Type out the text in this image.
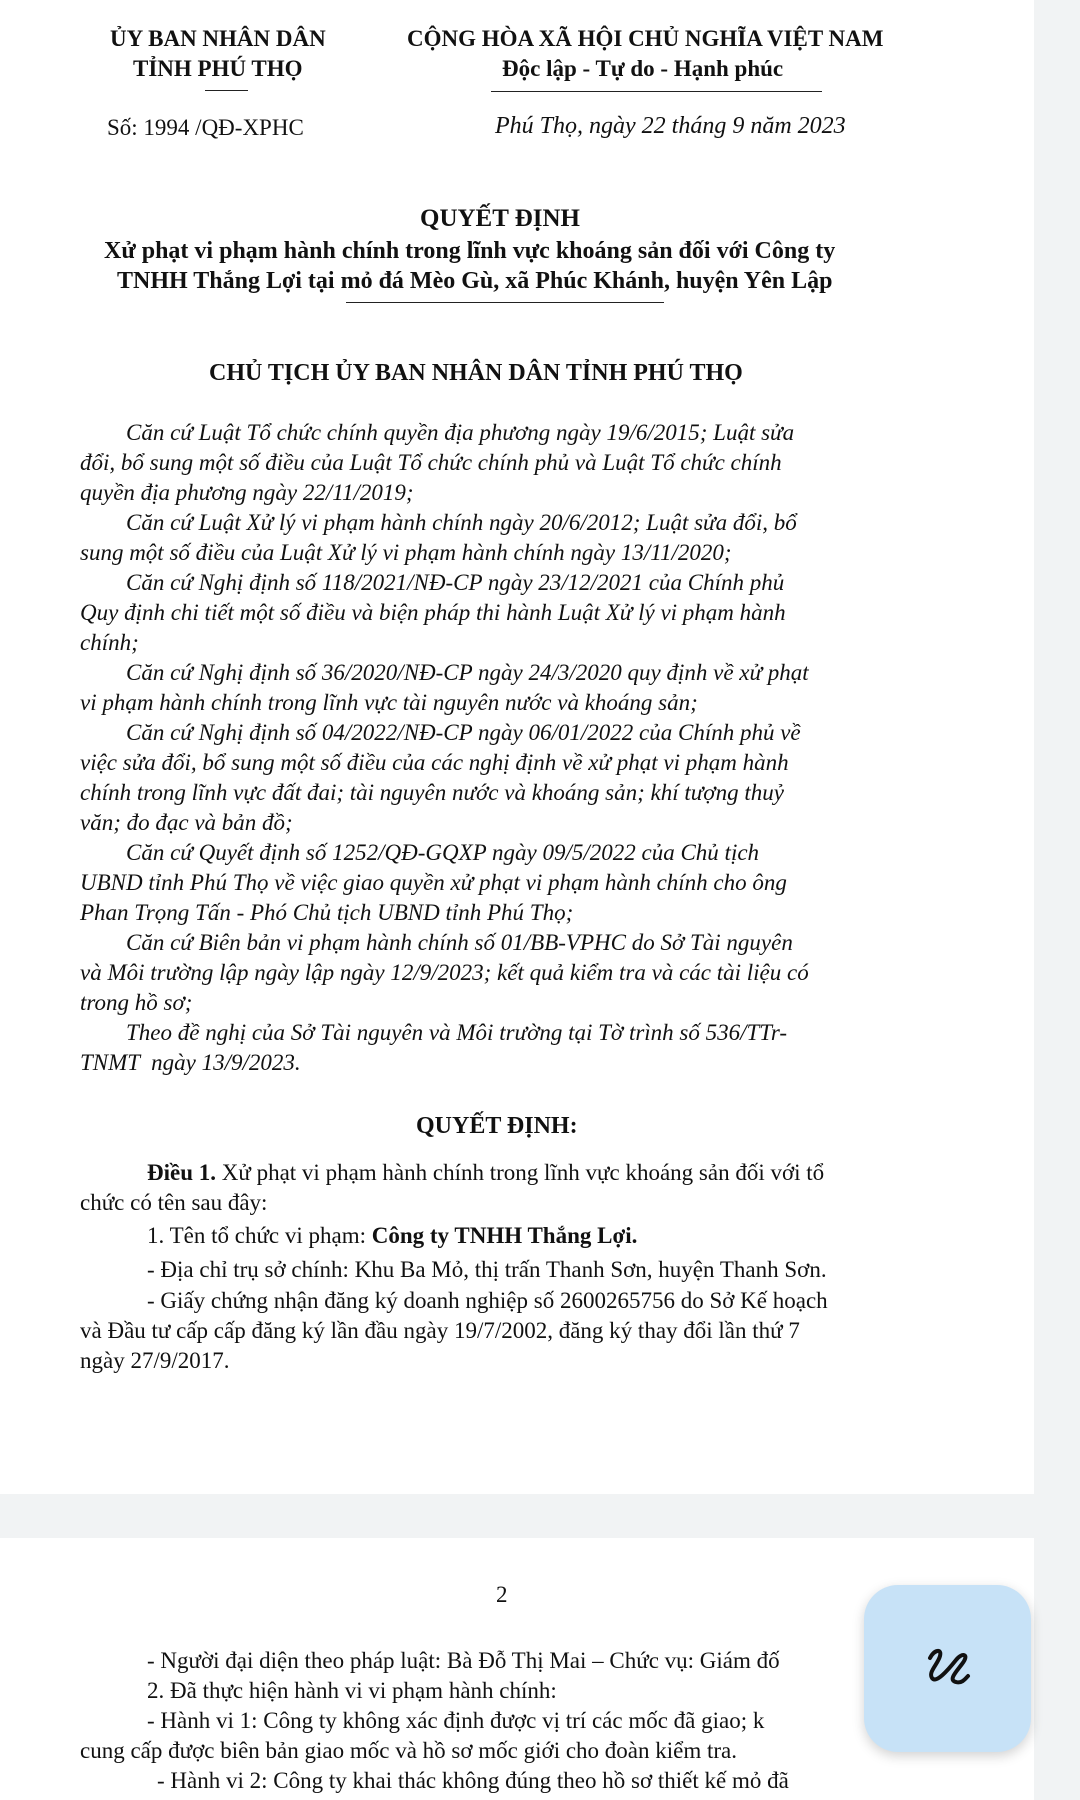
ỦY BAN NHÂN DÂN
TỈNH PHÚ THỌ
CỘNG HÒA XÃ HỘI CHỦ NGHĨA VIỆT NAM
Độc lập - Tự do - Hạnh phúc
Số: 1994 /QĐ-XPHC	Phú Thọ, ngày 22 tháng 9 năm 2023
QUYẾT ĐỊNH
Xử phạt vi phạm hành chính trong lĩnh vực khoáng sản đối với Công ty
TNHH Thắng Lợi tại mỏ đá Mèo Gù, xã Phúc Khánh, huyện Yên Lập
CHỦ TỊCH ỦY BAN NHÂN DÂN TỈNH PHÚ THỌ
Căn cứ Luật Tổ chức chính quyền địa phương ngày 19/6/2015; Luật sửa
đổi, bổ sung một số điều của Luật Tổ chức chính phủ và Luật Tổ chức chính
quyền địa phương ngày 22/11/2019;
Căn cứ Luật Xử lý vi phạm hành chính ngày 20/6/2012; Luật sửa đổi, bổ
sung một số điều của Luật Xử lý vi phạm hành chính ngày 13/11/2020;
Căn cứ Nghị định số 118/2021/NĐ-CP ngày 23/12/2021 của Chính phủ
Quy định chi tiết một số điều và biện pháp thi hành Luật Xử lý vi phạm hành
chính;
Căn cứ Nghị định số 36/2020/NĐ-CP ngày 24/3/2020 quy định về xử phạt
vi phạm hành chính trong lĩnh vực tài nguyên nước và khoáng sản;
Căn cứ Nghị định số 04/2022/NĐ-CP ngày 06/01/2022 của Chính phủ về
việc sửa đổi, bổ sung một số điều của các nghị định về xử phạt vi phạm hành
chính trong lĩnh vực đất đai; tài nguyên nước và khoáng sản; khí tượng thuỷ
văn; đo đạc và bản đồ;
Căn cứ Quyết định số 1252/QĐ-GQXP ngày 09/5/2022 của Chủ tịch
UBND tỉnh Phú Thọ về việc giao quyền xử phạt vi phạm hành chính cho ông
Phan Trọng Tấn - Phó Chủ tịch UBND tỉnh Phú Thọ;
Căn cứ Biên bản vi phạm hành chính số 01/BB-VPHC do Sở Tài nguyên
và Môi trường lập ngày lập ngày 12/9/2023; kết quả kiểm tra và các tài liệu có
trong hồ sơ;
Theo đề nghị của Sở Tài nguyên và Môi trường tại Tờ trình số 536/TTr-
TNMT  ngày 13/9/2023.
QUYẾT ĐỊNH:
Điều 1. Xử phạt vi phạm hành chính trong lĩnh vực khoáng sản đối với tổ
chức có tên sau đây:
1. Tên tổ chức vi phạm: Công ty TNHH Thắng Lợi.
- Địa chỉ trụ sở chính: Khu Ba Mỏ, thị trấn Thanh Sơn, huyện Thanh Sơn.
- Giấy chứng nhận đăng ký doanh nghiệp số 2600265756 do Sở Kế hoạch
và Đầu tư cấp cấp đăng ký lần đầu ngày 19/7/2002, đăng ký thay đổi lần thứ 7
ngày 27/9/2017.
2
- Người đại diện theo pháp luật: Bà Đỗ Thị Mai – Chức vụ: Giám đố
2. Đã thực hiện hành vi vi phạm hành chính:
- Hành vi 1: Công ty không xác định được vị trí các mốc đã giao; k
cung cấp được biên bản giao mốc và hồ sơ mốc giới cho đoàn kiểm tra.
- Hành vi 2: Công ty khai thác không đúng theo hồ sơ thiết kế mỏ đã
